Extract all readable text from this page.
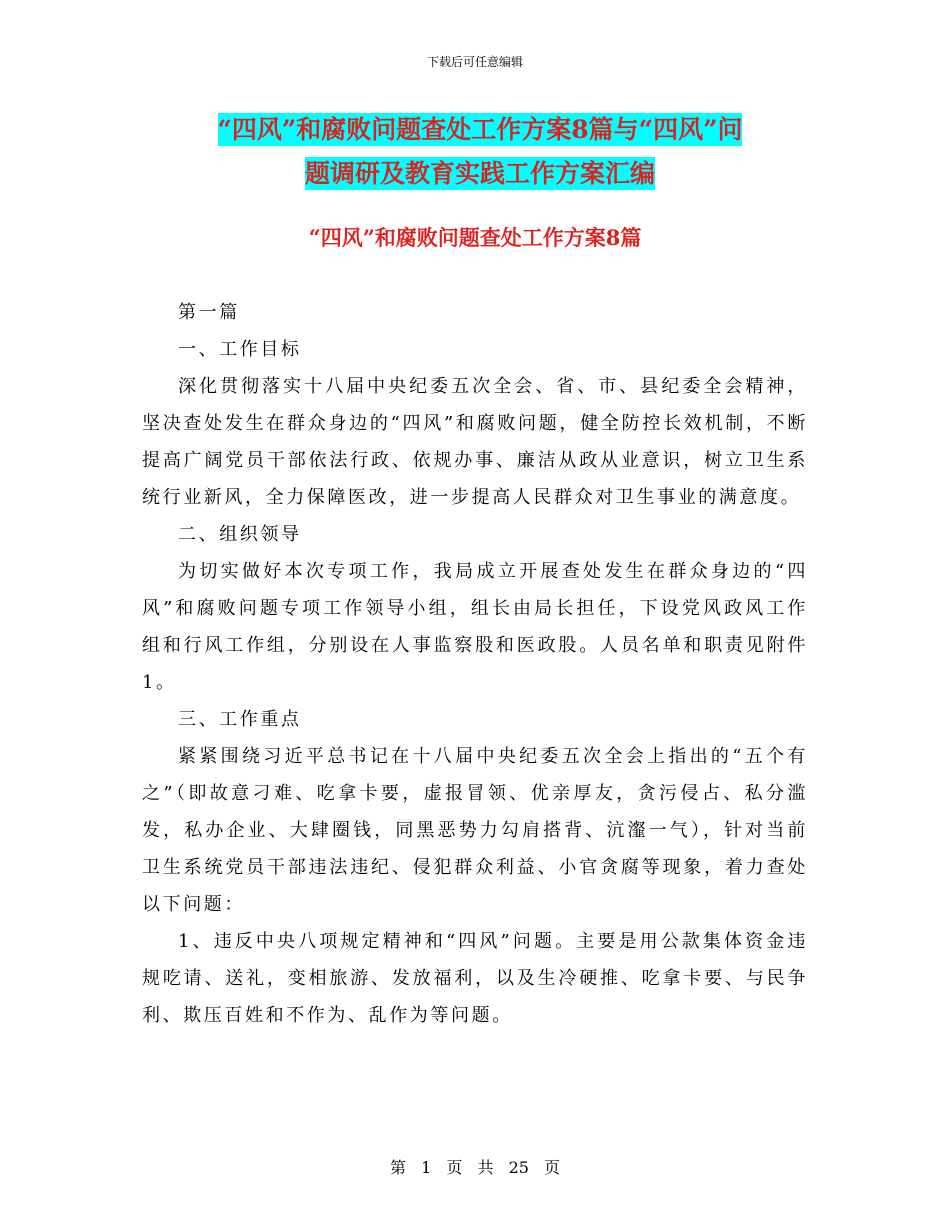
下载后可任意编辑
“四风”和腐败问题查处工作方案8篇与“四风”问
题调研及教育实践工作方案汇编
“四风”和腐败问题查处工作方案8篇

第一篇

一、工作目标

深化贯彻落实十八届中央纪委五次全会、省、市、县纪委全会精神，坚决查处发生在群众身边的“四风”和腐败问题，健全防控长效机制，不断提高广阔党员干部依法行政、依规办事、廉洁从政从业意识，树立卫生系统行业新风，全力保障医改，进一步提高人民群众对卫生事业的满意度。

二、组织领导

为切实做好本次专项工作，我局成立开展查处发生在群众身边的“四风”和腐败问题专项工作领导小组，组长由局长担任，下设党风政风工作组和行风工作组，分别设在人事监察股和医政股。人员名单和职责见附件1。

三、工作重点

紧紧围绕习近平总书记在十八届中央纪委五次全会上指出的“五个有之”（即故意刁难、吃拿卡要，虚报冒领、优亲厚友，贪污侵占、私分滥发，私办企业、大肆圈钱，同黑恶势力勾肩搭背、沆瀣一气），针对当前卫生系统党员干部违法违纪、侵犯群众利益、小官贪腐等现象，着力查处以下问题：

1、违反中央八项规定精神和“四风”问题。主要是用公款集体资金违规吃请、送礼，变相旅游、发放福利，以及生冷硬推、吃拿卡要、与民争利、欺压百姓和不作为、乱作为等问题。

第 1 页 共 25 页
